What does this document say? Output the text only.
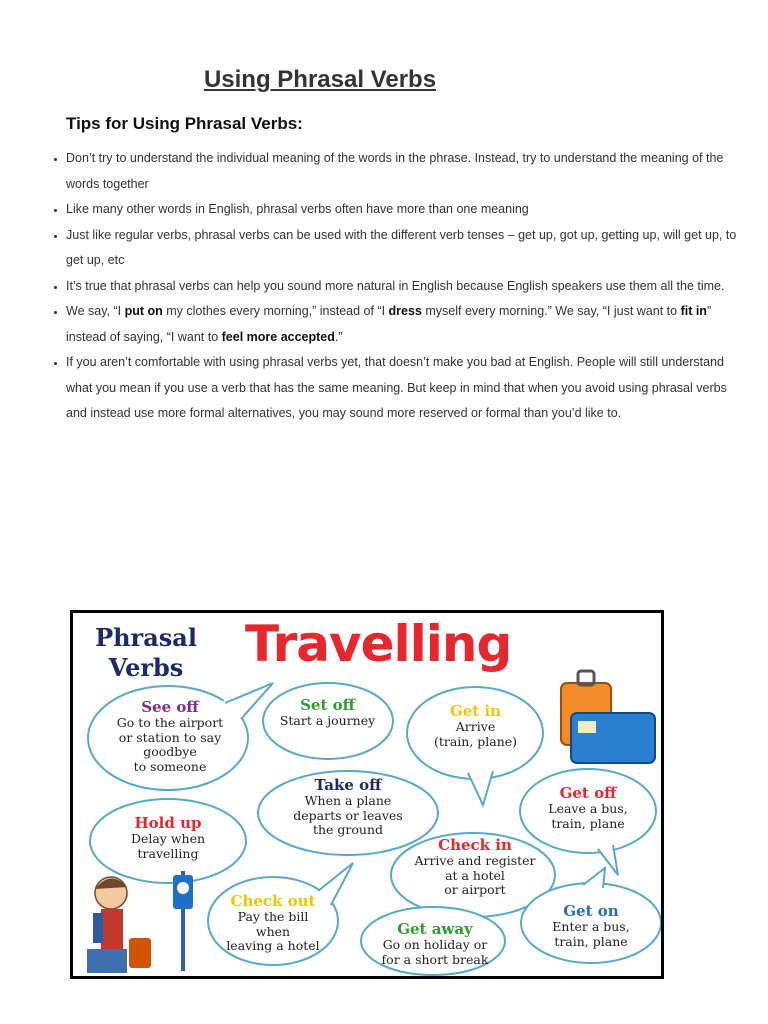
Using Phrasal Verbs
Tips for Using Phrasal Verbs:
• Don’t try to understand the individual meaning of the words in the phrase. Instead, try to understand the meaning of the words together
• Like many other words in English, phrasal verbs often have more than one meaning
• Just like regular verbs, phrasal verbs can be used with the different verb tenses – get up, got up, getting up, will get up, to get up, etc
• It’s true that phrasal verbs can help you sound more natural in English because English speakers use them all the time.
• We say, “I put on my clothes every morning,” instead of “I dress myself every morning.” We say, “I just want to fit in” instead of saying, “I want to feel more accepted.”
• If you aren’t comfortable with using phrasal verbs yet, that doesn’t make you bad at English. People will still understand what you mean if you use a verb that has the same meaning. But keep in mind that when you avoid using phrasal verbs and instead use more formal alternatives, you may sound more reserved or formal than you’d like to.
Phrasal Verbs	Travelling
See off
Go to the airport
or station to say
goodbye
to someone
Set off
Start a journey
Get in
Arrive
(train, plane)
Take off
When a plane
departs or leaves
the ground
Get off
Leave a bus,
train, plane
Hold up
Delay when
travelling	Check in
Arrive and register
at a hotel
or airport
Check out
Pay the bill
when
leaving a hotel
Get away
Go on holiday or
for a short break
Get on
Enter a bus,
train, plane
